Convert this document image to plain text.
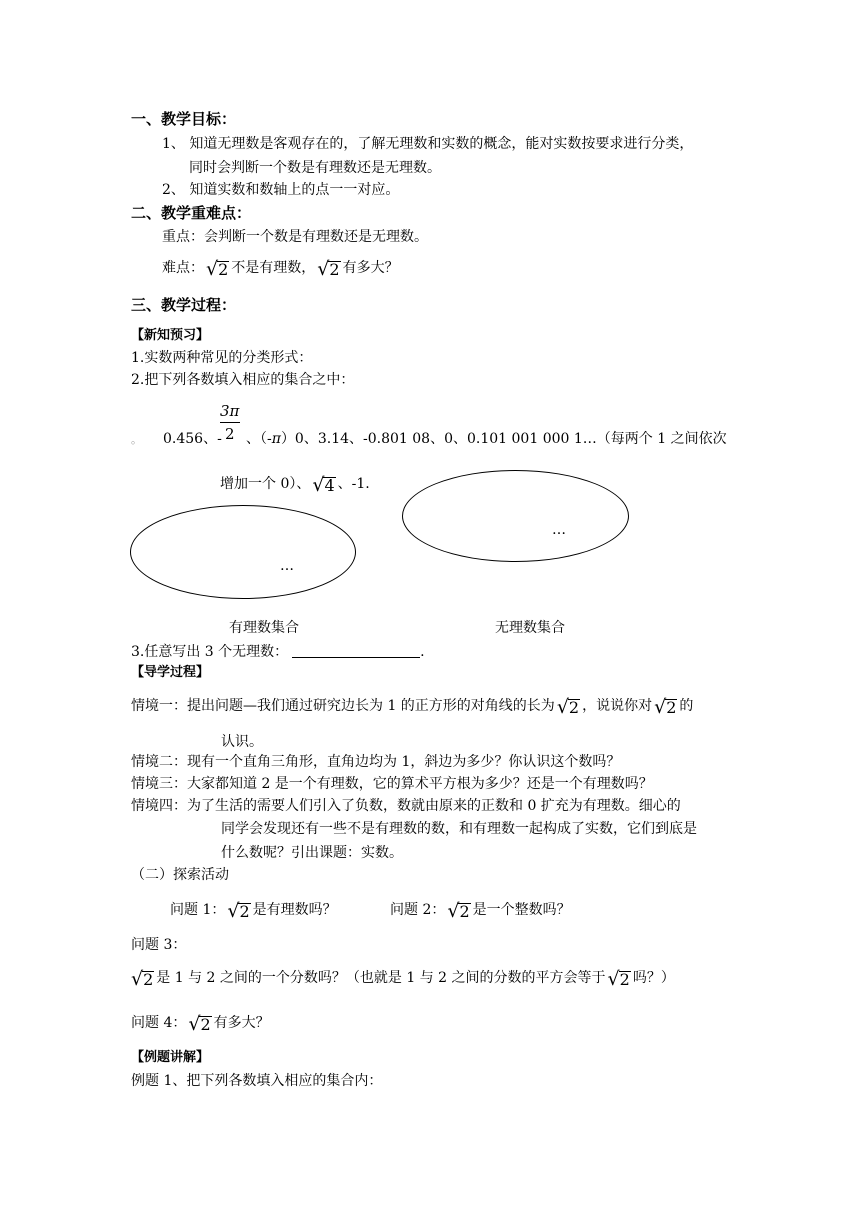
一、教学目标：
1、 知道无理数是客观存在的，了解无理数和实数的概念，能对实数按要求进行分类，
同时会判断一个数是有理数还是无理数。
2、 知道实数和数轴上的点一一对应。
二、教学重难点：
重点：会判断一个数是有理数还是无理数。
难点： √ 2 不是有理数， √ 2 有多大？
三、教学过程：
【新知预习】
1.实数两种常见的分类形式：
2.把下列各数填入相应的集合之中：
3π
2
。 0.456、- 、（-π）0、3.14、-0.801 08、0、0.101 001 000 1…（每两个 1 之间依次
增加一个 0）、 √ 4 、-1.
…
…
有理数集合	无理数集合
3.任意写出 3 个无理数：	.
【导学过程】
情境一：提出问题—我们通过研究边长为 1 的正方形的对角线的长为 √ 2 ，说说你对 √ 2 的
认识。
情境二：现有一个直角三角形，直角边均为 1，斜边为多少？你认识这个数吗？
情境三：大家都知道 2 是一个有理数，它的算术平方根为多少？还是一个有理数吗？
情境四：为了生活的需要人们引入了负数，数就由原来的正数和 0 扩充为有理数。细心的
同学会发现还有一些不是有理数的数，和有理数一起构成了实数，它们到底是
什么数呢？引出课题：实数。
（二）探索活动
问题 1： √ 2 是有理数吗？	问题 2： √ 2 是一个整数吗？
问题 3：
√ 2 是 1 与 2 之间的一个分数吗？（也就是 1 与 2 之间的分数的平方会等于 √ 2 吗？）
问题 4： √ 2 有多大？
【例题讲解】
例题 1、把下列各数填入相应的集合内：
